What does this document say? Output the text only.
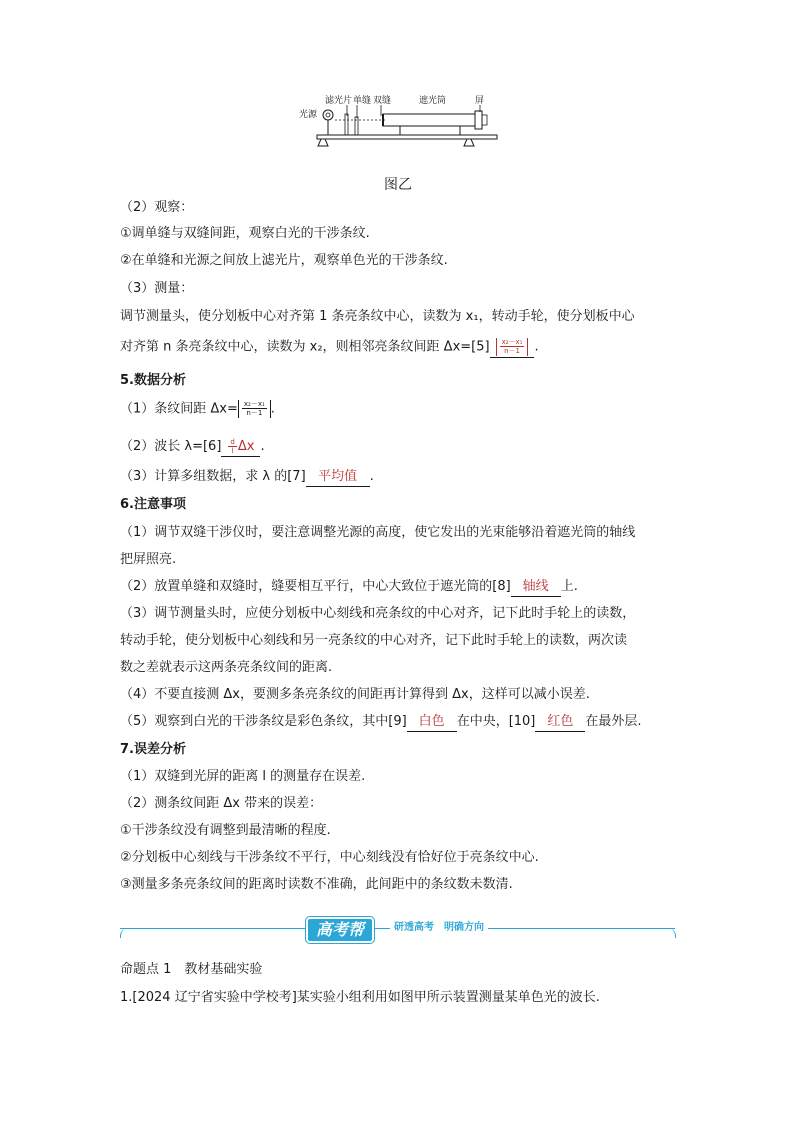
滤光片 单缝 双缝	遮光筒	屏
光源
图乙
（2）观察：
①调单缝与双缝间距，观察白光的干涉条纹.
②在单缝和光源之间放上滤光片，观察单色光的干涉条纹.
（3）测量：
调节测量头，使分划板中心对齐第 1 条亮条纹中心，读数为 x₁，转动手轮，使分划板中心
对齐第 n 条亮条纹中心，读数为 x₂，则相邻亮条纹间距 $\Delta x=[5] \frac{\text{x₂－x₁}}{n-1}$ .
5.数据分析
（1）条纹间距 $\Delta x= \frac{\text{x₂－x₁}}{n-1}$ .
（2）波长 $\lambda=[6] \frac{d}{l}$ Δx .
（3）计算多组数据，求 λ 的[7] 平均值 .
6.注意事项
（1）调节双缝干涉仪时，要注意调整光源的高度，使它发出的光束能够沿着遮光筒的轴线
把屏照亮.
（2）放置单缝和双缝时，缝要相互平行，中心大致位于遮光筒的[8] 轴线 上.
（3）调节测量头时，应使分划板中心刻线和亮条纹的中心对齐，记下此时手轮上的读数，
转动手轮，使分划板中心刻线和另一亮条纹的中心对齐，记下此时手轮上的读数，两次读
数之差就表示这两条亮条纹间的距离.
（4）不要直接测 Δx，要测多条亮条纹的间距再计算得到 Δx，这样可以减小误差.
（5）观察到白光的干涉条纹是彩色条纹，其中[9] 白色 在中央，[10] 红色 在最外层.
7.误差分析
（1）双缝到光屏的距离 l 的测量存在误差.
（2）测条纹间距 Δx 带来的误差：
①干涉条纹没有调整到最清晰的程度.
②分划板中心刻线与干涉条纹不平行，中心刻线没有恰好位于亮条纹中心.
③测量多条亮条纹间的距离时读数不准确，此间距中的条纹数未数清.
高考帮	研透高考　明确方向
命题点 1　教材基础实验
1.[2024 辽宁省实验中学校考]某实验小组利用如图甲所示装置测量某单色光的波长.
